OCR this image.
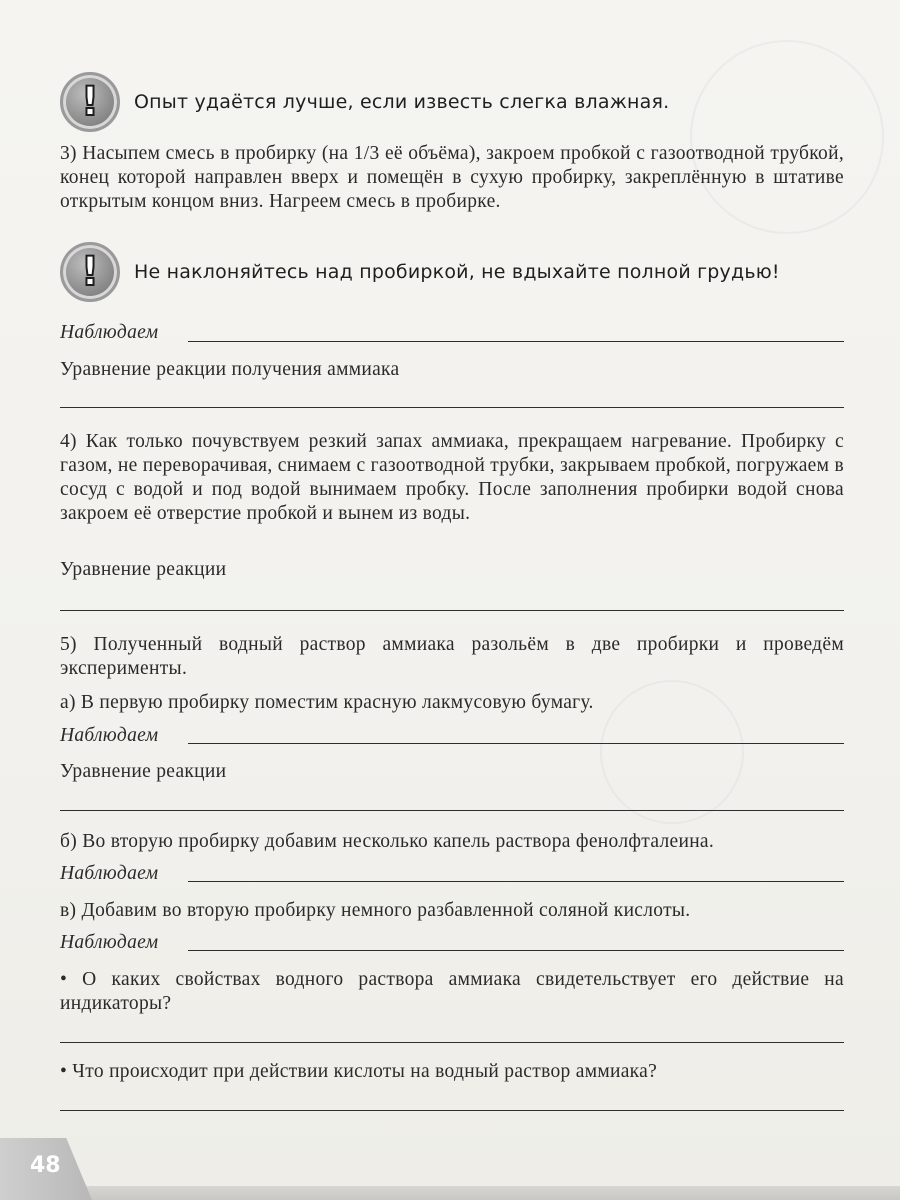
! Опыт удаётся лучше, если известь слегка влажная.
3) Насыпем смесь в пробирку (на 1/3 её объёма), закроем пробкой с газоотводной трубкой, конец которой направлен вверх и помещён в сухую пробирку, закреплённую в штативе открытым концом вниз. Нагреем смесь в пробирке.
! Не наклоняйтесь над пробиркой, не вдыхайте полной грудью!
Наблюдаем
Уравнение реакции получения аммиака
4) Как только почувствуем резкий запах аммиака, прекращаем нагревание. Пробирку с газом, не переворачивая, снимаем с газоотводной трубки, закрываем пробкой, погружаем в сосуд с водой и под водой вынимаем пробку. После заполнения пробирки водой снова закроем её отверстие пробкой и вынем из воды.
Уравнение реакции
5) Полученный водный раствор аммиака разольём в две пробирки и проведём эксперименты.
а) В первую пробирку поместим красную лакмусовую бумагу.
Наблюдаем
Уравнение реакции
б) Во вторую пробирку добавим несколько капель раствора фенолфталеина.
Наблюдаем
в) Добавим во вторую пробирку немного разбавленной соляной кислоты.
Наблюдаем
• О каких свойствах водного раствора аммиака свидетельствует его действие на индикаторы?
• Что происходит при действии кислоты на водный раствор аммиака?
48
